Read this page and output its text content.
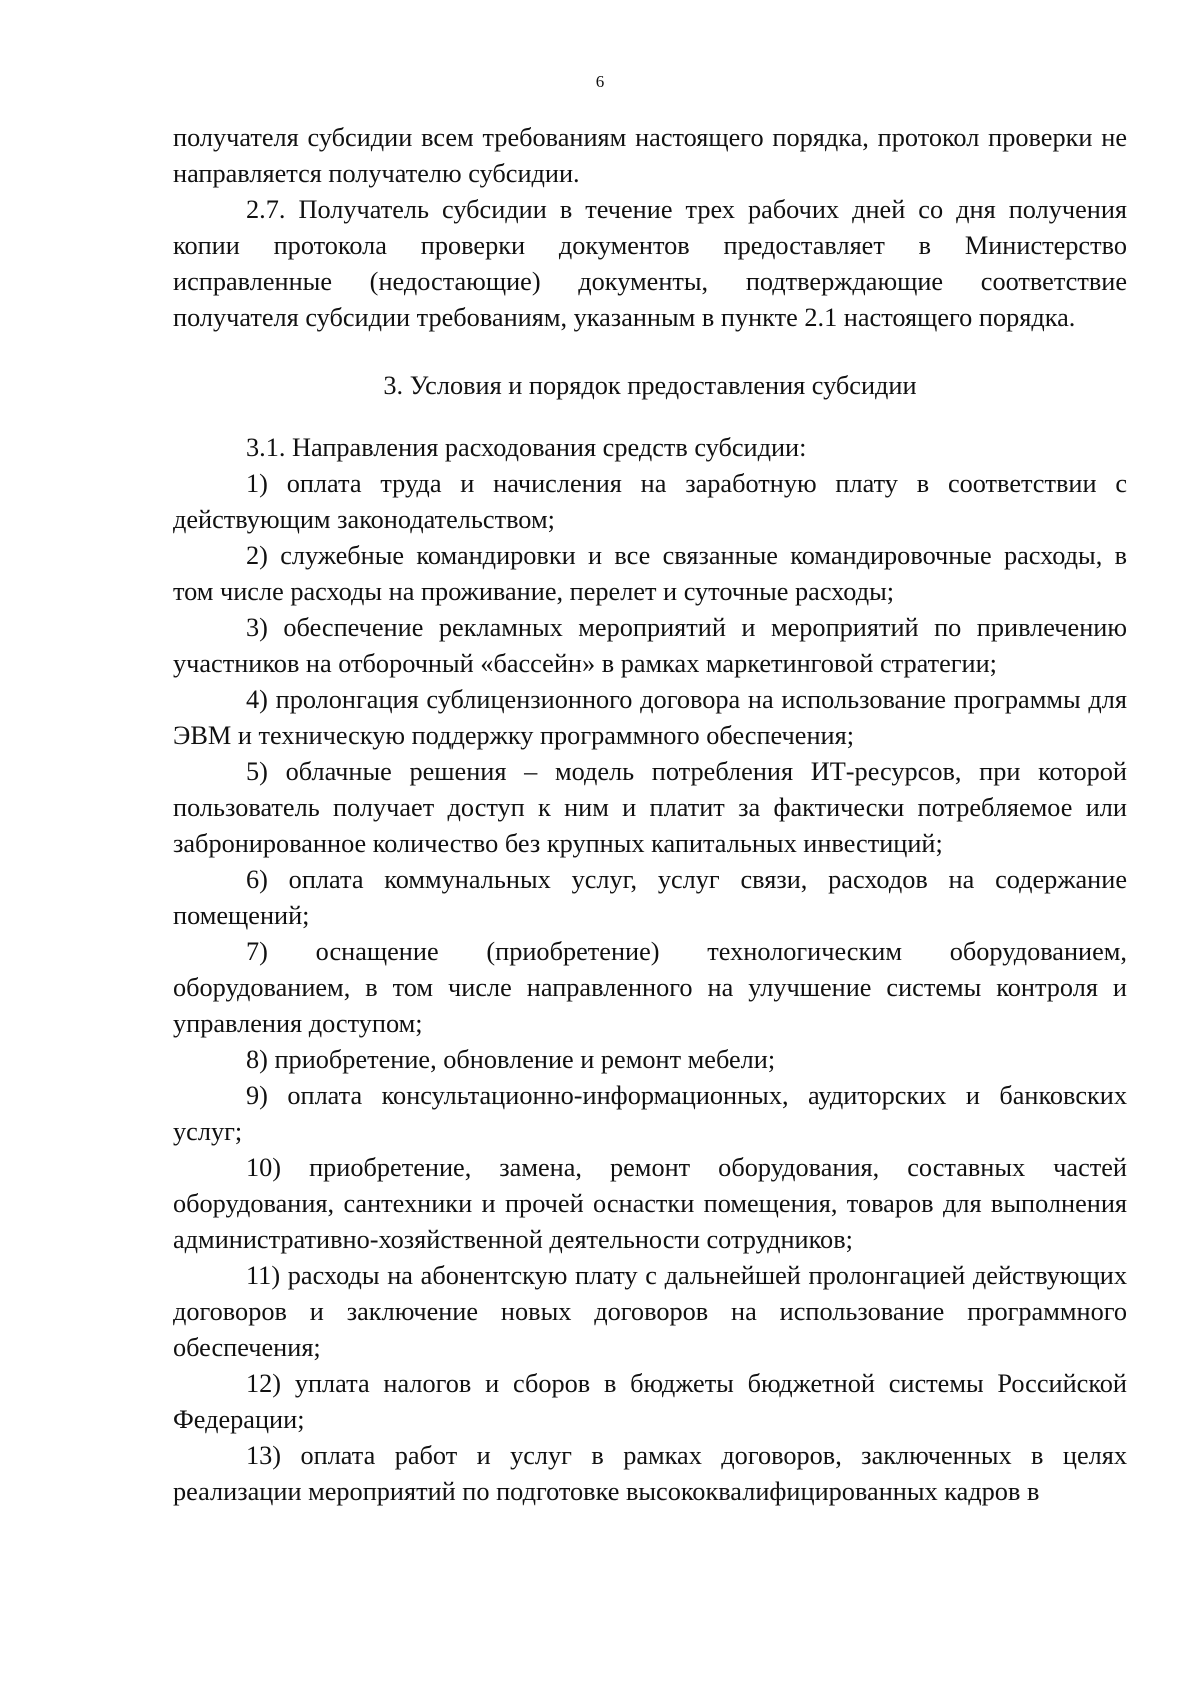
6

получателя субсидии всем требованиям настоящего порядка, протокол проверки не направляется получателю субсидии.

2.7. Получатель субсидии в течение трех рабочих дней со дня получения копии протокола проверки документов предоставляет в Министерство исправленные (недостающие) документы, подтверждающие соответствие получателя субсидии требованиям, указанным в пункте 2.1 настоящего порядка.

3. Условия и порядок предоставления субсидии

3.1. Направления расходования средств субсидии:

1) оплата труда и начисления на заработную плату в соответствии с действующим законодательством;

2) служебные командировки и все связанные командировочные расходы, в том числе расходы на проживание, перелет и суточные расходы;

3) обеспечение рекламных мероприятий и мероприятий по привлечению участников на отборочный «бассейн» в рамках маркетинговой стратегии;

4) пролонгация сублицензионного договора на использование программы для ЭВМ и техническую поддержку программного обеспечения;

5) облачные решения – модель потребления ИТ-ресурсов, при которой пользователь получает доступ к ним и платит за фактически потребляемое или забронированное количество без крупных капитальных инвестиций;

6) оплата коммунальных услуг, услуг связи, расходов на содержание помещений;

7) оснащение (приобретение) технологическим оборудованием, оборудованием, в том числе направленного на улучшение системы контроля и управления доступом;

8) приобретение, обновление и ремонт мебели;

9) оплата консультационно-информационных, аудиторских и банковских услуг;

10) приобретение, замена, ремонт оборудования, составных частей оборудования, сантехники и прочей оснастки помещения, товаров для выполнения административно-хозяйственной деятельности сотрудников;

11) расходы на абонентскую плату с дальнейшей пролонгацией действующих договоров и заключение новых договоров на использование программного обеспечения;

12) уплата налогов и сборов в бюджеты бюджетной системы Российской Федерации;

13) оплата работ и услуг в рамках договоров, заключенных в целях реализации мероприятий по подготовке высококвалифицированных кадров в
